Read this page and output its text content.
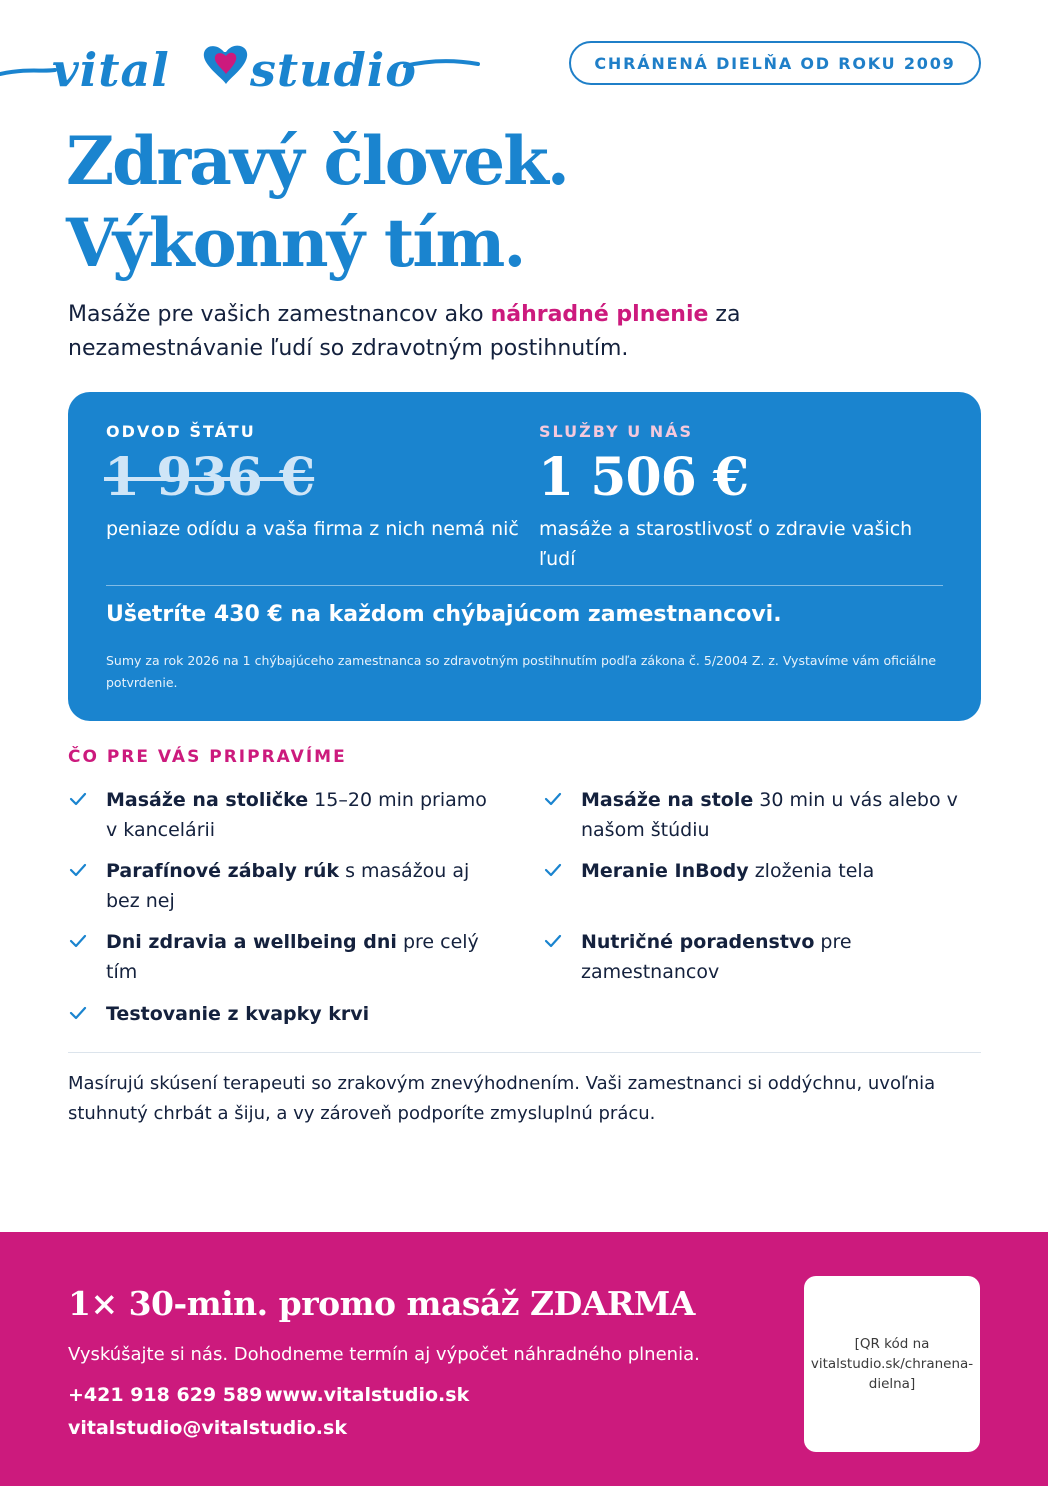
vital studio	CHRÁNENÁ DIELŇA OD ROKU 2009
Zdravý človek.
Výkonný tím.

Masáže pre vašich zamestnancov ako náhradné plnenie za nezamestnávanie ľudí so zdravotným postihnutím.

ODVOD ŠTÁTU
1 936 €
peniaze odídu a vaša firma z nich nemá nič
SLUŽBY U NÁS
1 506 €
masáže a starostlivosť o zdravie vašich ľudí
Ušetríte 430 € na každom chýbajúcom zamestnancovi.
Sumy za rok 2026 na 1 chýbajúceho zamestnanca so zdravotným postihnutím podľa zákona č. 5/2004 Z. z. Vystavíme vám oficiálne potvrdenie.
ČO PRE VÁS PRIPRAVÍME
Masáže na stoličke 15–20 min priamo v kancelárii
Masáže na stole 30 min u vás alebo v našom štúdiu
Parafínové zábaly rúk s masážou aj bez nej
Meranie InBody zloženia tela
Dni zdravia a wellbeing dni pre celý tím
Nutričné poradenstvo pre zamestnancov
Testovanie z kvapky krvi

Masírujú skúsení terapeuti so zrakovým znevýhodnením. Vaši zamestnanci si oddýchnu, uvoľnia stuhnutý chrbát a šiju, a vy zároveň podporíte zmysluplnú prácu.

1× 30-min. promo masáž ZDARMA
Vyskúšajte si nás. Dohodneme termín aj výpočet náhradného plnenia.
+421 918 629 589 www.vitalstudio.sk
vitalstudio@vitalstudio.sk
[QR kód na vitalstudio.sk/chranena-dielna]
